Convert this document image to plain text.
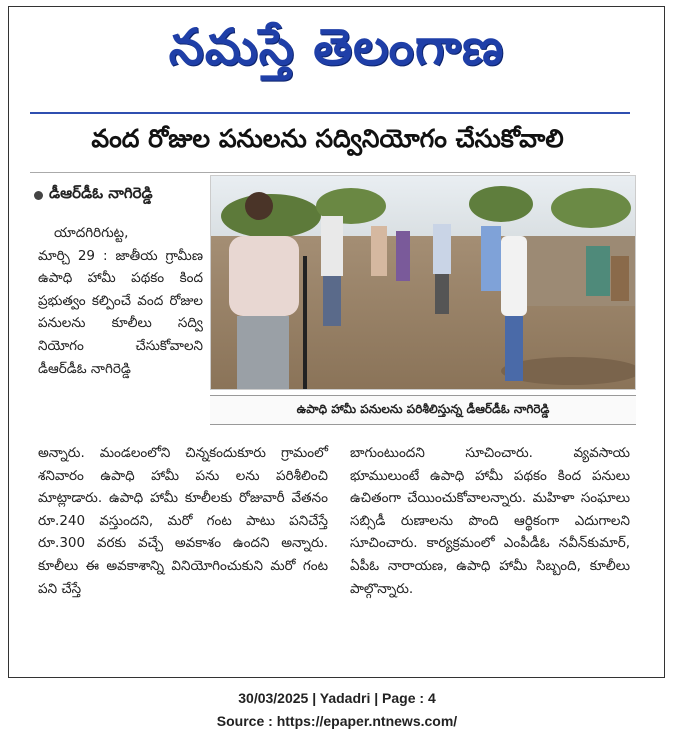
నమస్తే తెలంగాణ
వంద రోజుల పనులను సద్వినియోగం చేసుకోవాలి
డీఆర్‌డీఓ నాగిరెడ్డి
ఉపాధి హామీ పనులను పరిశీలిస్తున్న డీఆర్‌డీఓ నాగిరెడ్డి

యాదగిరిగుట్ట,

మార్చి 29 : జాతీయ గ్రామీణ ఉపాధి హామీ పథకం కింద ప్రభుత్వం కల్పించే వంద రోజుల పనులను కూలీలు సద్వి నియోగం చేసుకోవాలని డీఆర్‌డీఓ నాగిరెడ్డి

అన్నారు. మండలంలోని చిన్నకందుకూరు గ్రామంలో శనివారం ఉపాధి హామీ పను లను పరిశీలించి మాట్లాడారు. ఉపాధి హామీ కూలీలకు రోజువారీ వేతనం రూ.240 వస్తుందని, మరో గంట పాటు పనిచేస్తే రూ.300 వరకు వచ్చే అవకాశం ఉందని అన్నారు. కూలీలు ఈ అవకాశాన్ని వినియోగించుకుని మరో గంట పని చేస్తే

బాగుంటుందని సూచించారు. వ్యవసాయ భూములుంటే ఉపాధి హామీ పథకం కింద పనులు ఉచితంగా చేయించుకోవాలన్నారు. మహిళా సంఘాలు సబ్సిడీ రుణాలను పొంది ఆర్థికంగా ఎదుగాలని సూచించారు. కార్యక్రమంలో ఎంపీడీఓ నవీన్‌కుమార్, ఏపీఓ నారాయణ, ఉపాధి హామీ సిబ్బంది, కూలీలు పాల్గొన్నారు.

30/03/2025 | Yadadri | Page : 4
Source : https://epaper.ntnews.com/
